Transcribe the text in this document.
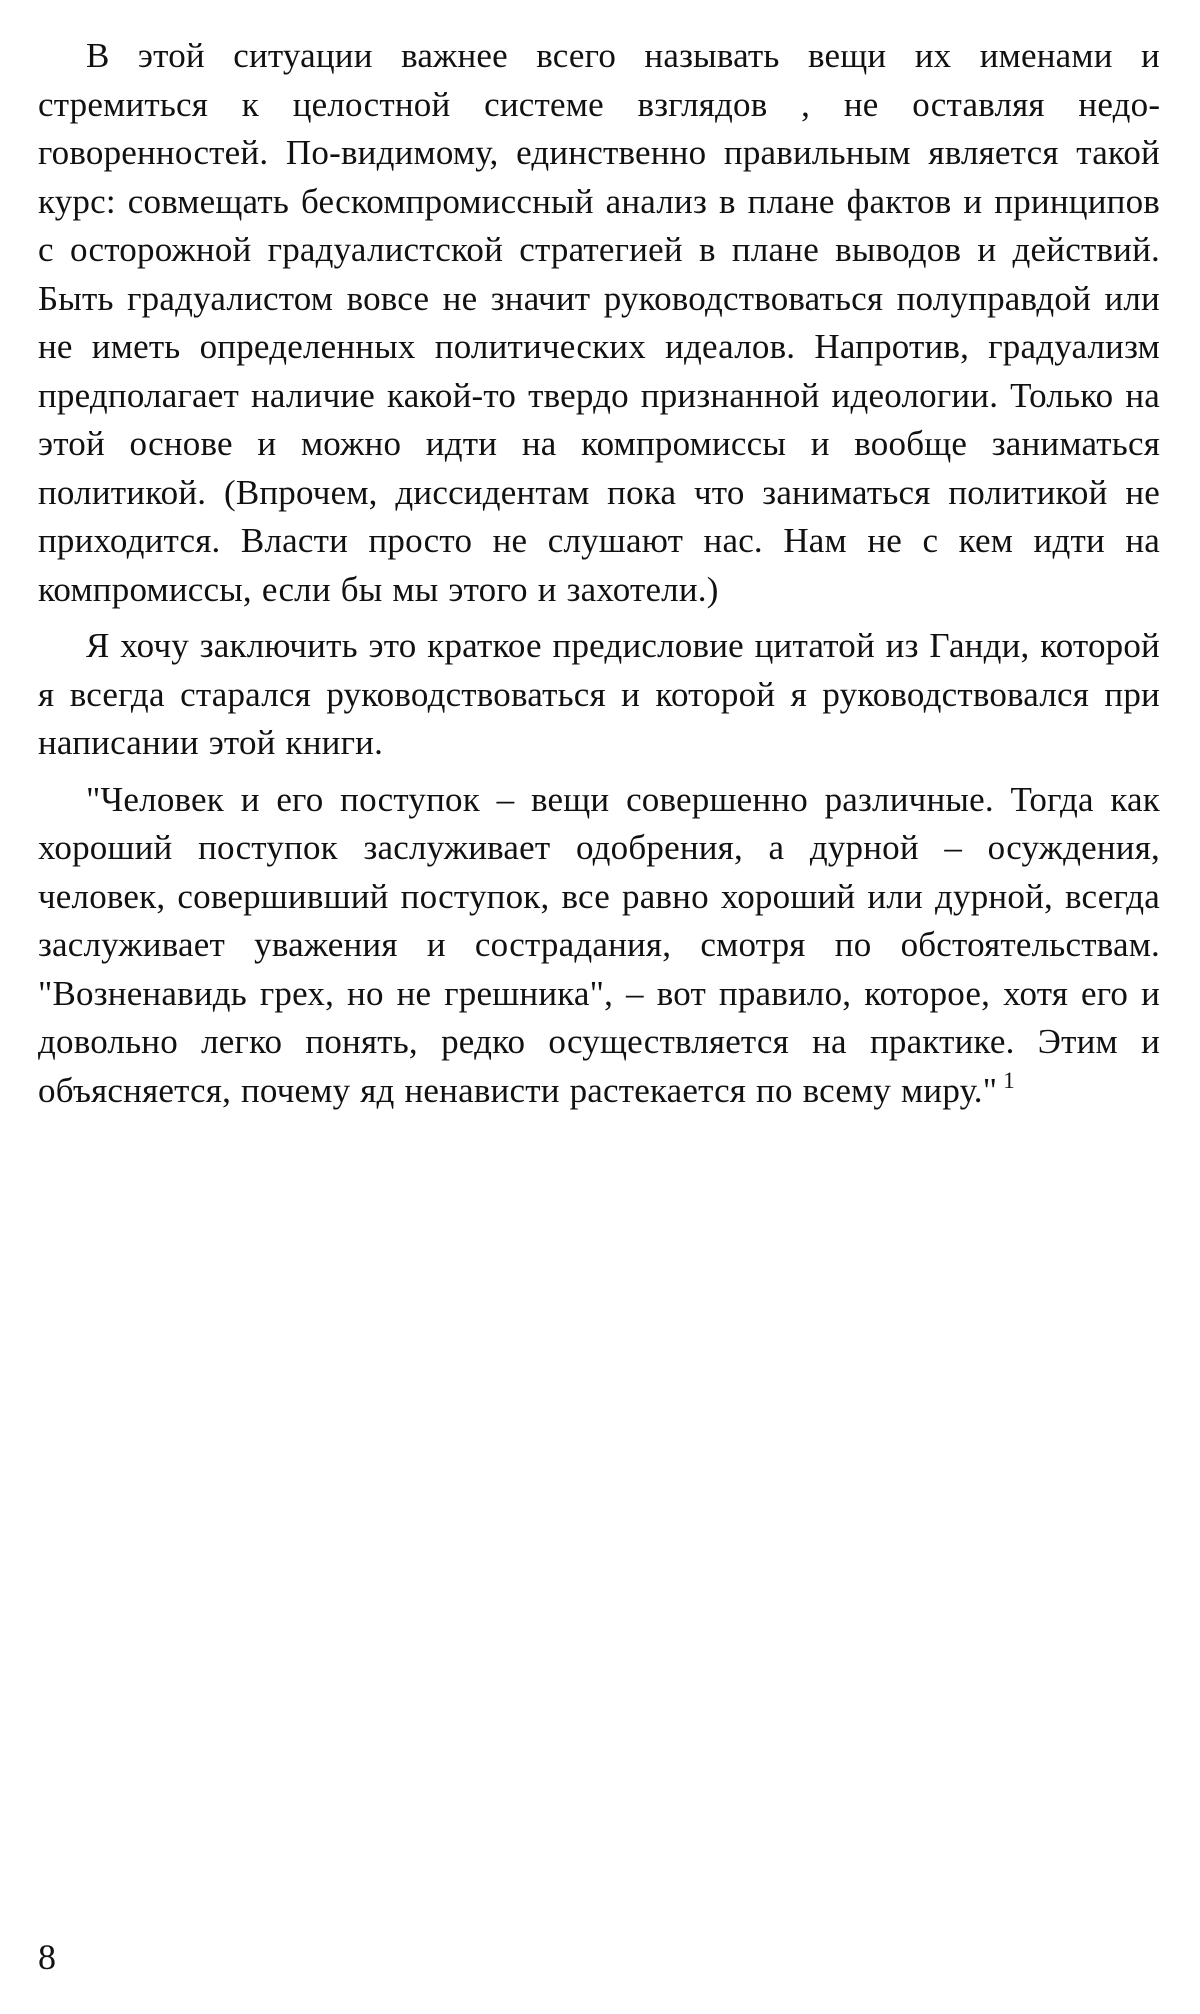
В этой ситуации важнее всего называть вещи их именами и стремиться к целостной системе взглядов , не оставляя недоговоренностей. По-видимому, единственно правильным является такой курс: совмещать бескомпромиссный анализ в плане фактов и принципов с осторожной градуалистской стратегией в плане выводов и действий. Быть градуалистом вовсе не значит руководствоваться полуправдой или не иметь определенных политических идеалов. Напротив, градуализм предполагает наличие какой-то твердо признанной идеологии. Только на этой основе и можно идти на компромиссы и вообще заниматься политикой. (Впрочем, диссидентам пока что заниматься политикой не приходится. Власти просто не слушают нас. Нам не с кем идти на компромиссы, если бы мы этого и захотели.)

Я хочу заключить это краткое предисловие цитатой из Ганди, которой я всегда старался руководствоваться и которой я руководствовался при написании этой книги.

"Человек и его поступок – вещи совершенно различные. Тогда как хороший поступок заслуживает одобрения, а дурной – осуждения, человек, совершивший поступок, все равно хороший или дурной, всегда заслуживает уважения и сострадания, смотря по обстоятельствам. "Возненавидь грех, но не грешника", – вот правило, которое, хотя его и довольно легко понять, редко осуществляется на практике. Этим и объясняется, почему яд ненависти растекается по всему миру." $^1$

8
